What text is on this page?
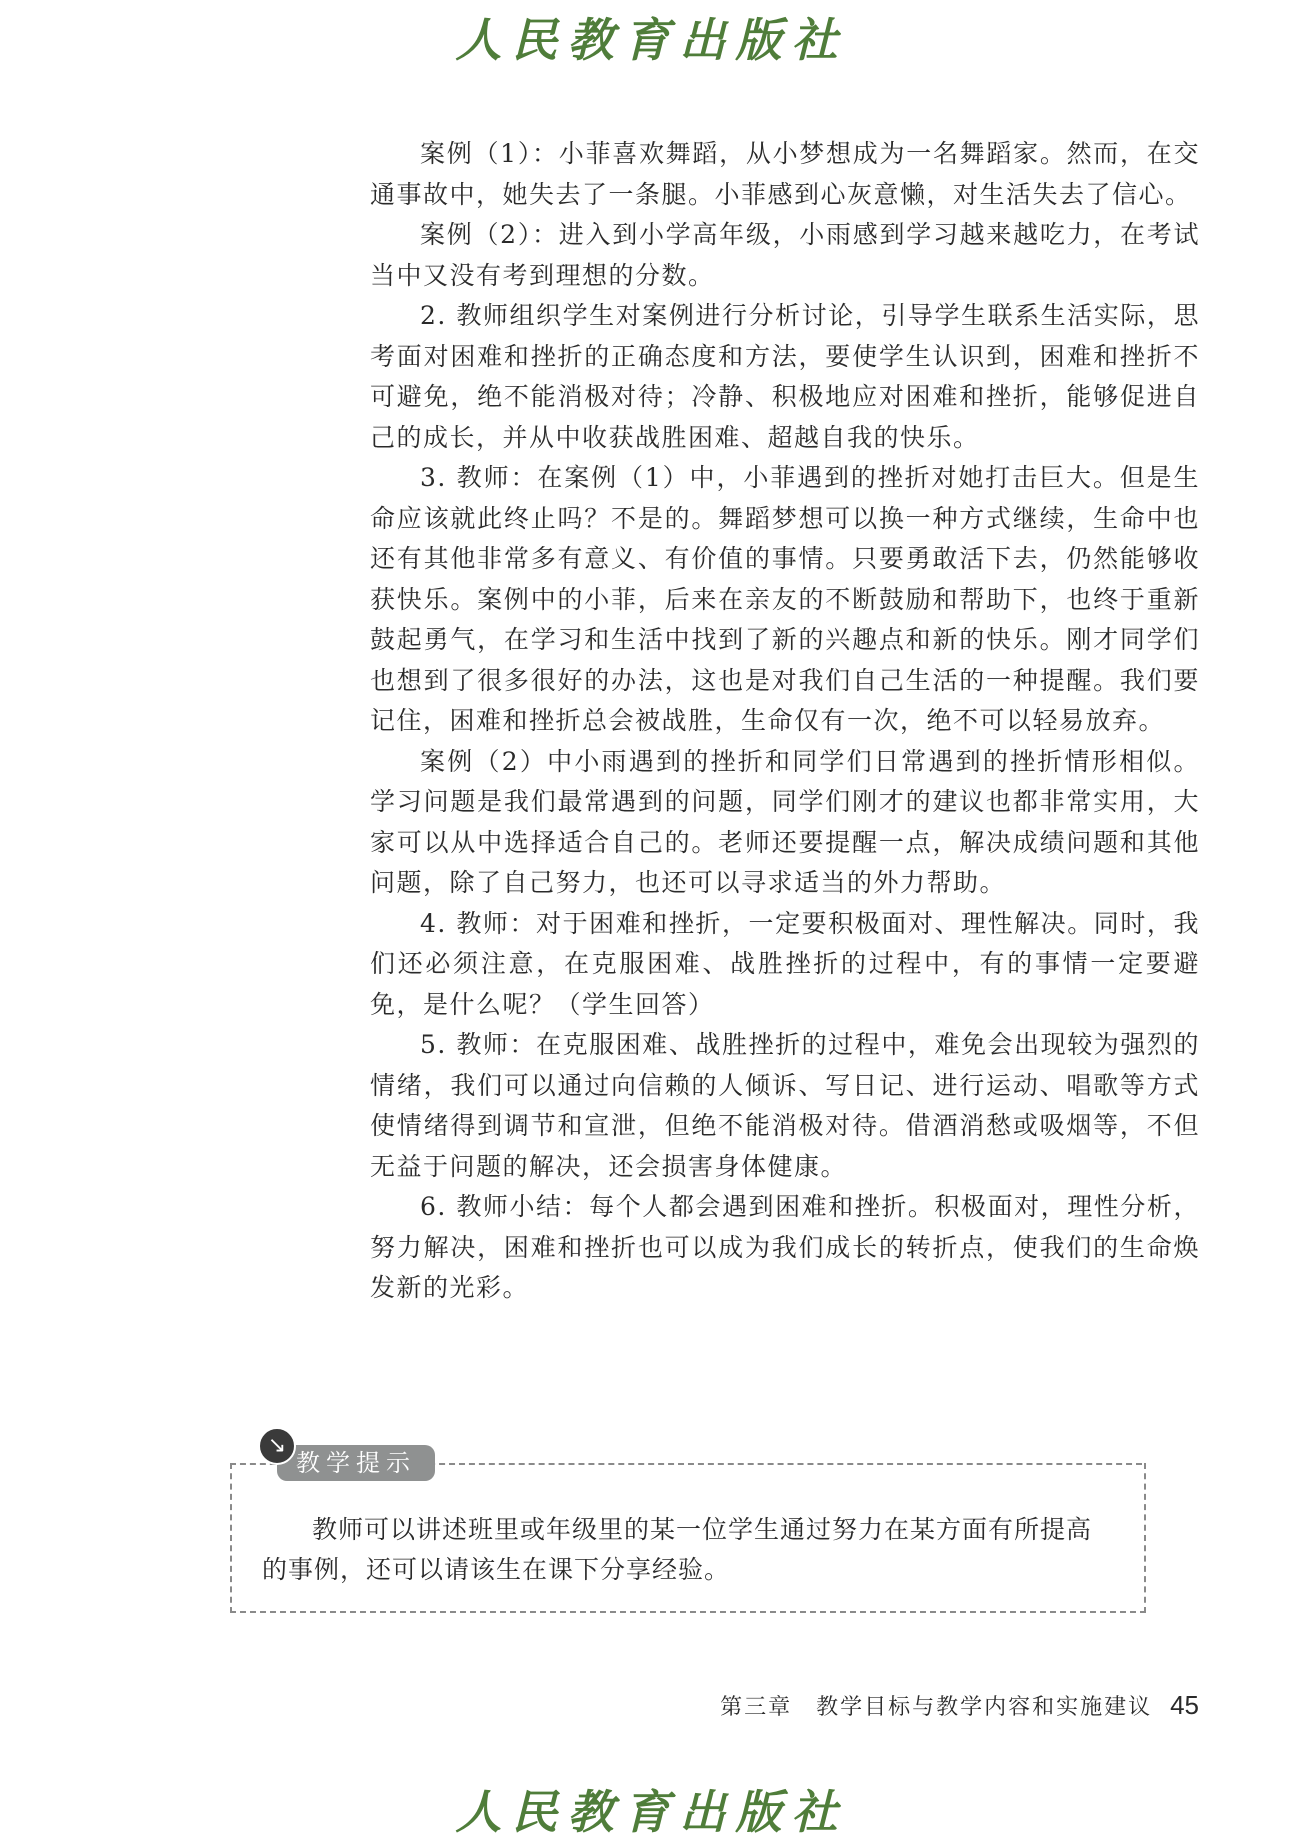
人民教育出版社

案例（1）：小菲喜欢舞蹈，从小梦想成为一名舞蹈家。然而，在交通事故中，她失去了一条腿。小菲感到心灰意懒，对生活失去了信心。

案例（2）：进入到小学高年级，小雨感到学习越来越吃力，在考试当中又没有考到理想的分数。

2. 教师组织学生对案例进行分析讨论，引导学生联系生活实际，思考面对困难和挫折的正确态度和方法，要使学生认识到，困难和挫折不可避免，绝不能消极对待；冷静、积极地应对困难和挫折，能够促进自己的成长，并从中收获战胜困难、超越自我的快乐。

3. 教师：在案例（1）中，小菲遇到的挫折对她打击巨大。但是生命应该就此终止吗？不是的。舞蹈梦想可以换一种方式继续，生命中也还有其他非常多有意义、有价值的事情。只要勇敢活下去，仍然能够收获快乐。案例中的小菲，后来在亲友的不断鼓励和帮助下，也终于重新鼓起勇气，在学习和生活中找到了新的兴趣点和新的快乐。刚才同学们也想到了很多很好的办法，这也是对我们自己生活的一种提醒。我们要记住，困难和挫折总会被战胜，生命仅有一次，绝不可以轻易放弃。

案例（2）中小雨遇到的挫折和同学们日常遇到的挫折情形相似。学习问题是我们最常遇到的问题，同学们刚才的建议也都非常实用，大家可以从中选择适合自己的。老师还要提醒一点，解决成绩问题和其他问题，除了自己努力，也还可以寻求适当的外力帮助。

4. 教师：对于困难和挫折，一定要积极面对、理性解决。同时，我们还必须注意，在克服困难、战胜挫折的过程中，有的事情一定要避免，是什么呢？（学生回答）

5. 教师：在克服困难、战胜挫折的过程中，难免会出现较为强烈的情绪，我们可以通过向信赖的人倾诉、写日记、进行运动、唱歌等方式使情绪得到调节和宣泄，但绝不能消极对待。借酒消愁或吸烟等，不但无益于问题的解决，还会损害身体健康。

6. 教师小结：每个人都会遇到困难和挫折。积极面对，理性分析，努力解决，困难和挫折也可以成为我们成长的转折点，使我们的生命焕发新的光彩。

教学提示
↘

教师可以讲述班里或年级里的某一位学生通过努力在某方面有所提高的事例，还可以请该生在课下分享经验。

第三章　教学目标与教学内容和实施建议 45
人民教育出版社
